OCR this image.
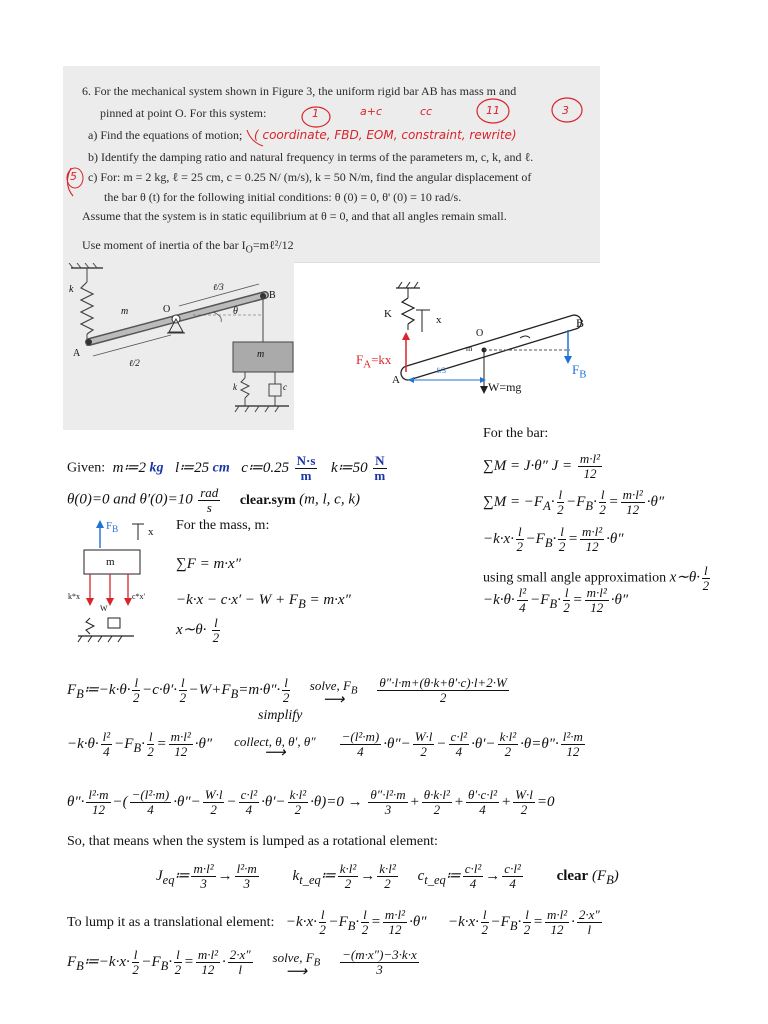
6. For the mechanical system shown in Figure 3, the uniform rigid bar AB has mass m and
pinned at point O. For this system:
a) Find the equations of motion;
b) Identify the damping ratio and natural frequency in terms of the parameters m, c, k, and ℓ.
c) For: m = 2 kg, ℓ = 25 cm, c = 0.25 N/ (m/s), k = 50 N/m, find the angular displacement of
the bar θ (t) for the following initial conditions: θ (0) = 0, θ' (0) = 10 rad/s.
Assume that the system is in static equilibrium at θ = 0, and that all angles remain small.
Use moment of inertia of the bar $I_O=m\ell^2/12$
1	a+c	cc	11	3
( coordinate, FBD, EOM, constraint, rewrite)
5
k
m	O
B
A
ℓ/3
ℓ/2
θ
m
k	c
K	x
O
B
A
m
ℓ/3
$F_A=kx$
$F_B$
W=mg
Given: m≔2 kg l≔25 cm c≔0.25 $\frac{N\cdot s}{m}$ k≔50 $\frac{N}{m}$
θ(0)=0 and $\theta'(0)=10 \frac{\text{rad}}{s}$ clear.sym (m, l, c, k)
$F_B$	x
m
k*x
W
c*x'
For the mass, m:
∑F = m·x″
$-k\cdot x - c\cdot x' - W + F_B = m\cdot x''$
x∼θ· $\frac{l}{2}$
For the bar:
∑M = J·θ″ $J = \frac{\text{m·l²}}{12}$
$\sum M = -F_A\cdot \frac{l}{2} -F_B\cdot \frac{l}{2} = \frac{\text{m·l²}}{12} \cdot\theta''$
$-k\cdot x\cdot \frac{l}{2} -F_B\cdot \frac{l}{2} = \frac{\text{m·l²}}{12} \cdot\theta''$
using small angle approximation x∼θ· $\frac{l}{2}$
$-k\cdot\theta\cdot \frac{\text{l²}}{4} -F_B\cdot \frac{l}{2} = \frac{\text{m·l²}}{12} \cdot\theta''$
$F_B≔-k\cdot\theta\cdot \frac{l}{2} -c\cdot\theta'\cdot \frac{l}{2} -W+F_B=m\cdot\theta''\cdot \frac{l}{2}$
	solve, $F_B$
⟶
	$\frac{\theta''\cdot l\cdot m+(\theta\cdot k+\theta'\cdot c)\cdot l+2\cdot W}{2}$
simplify
$-k\cdot\theta\cdot \frac{\text{l²}}{4} -F_B\cdot \frac{l}{2} = \frac{\text{m·l²}}{12} \cdot\theta''$	collect, θ, θ′, θ″
⟶
	$\frac{\text{−(l²·m)}}{4} \cdot\theta''- \frac{W\cdot l}{2} - \frac{\text{c·l²}}{4} \cdot\theta'- \frac{\text{k·l²}}{2} \cdot\theta=\theta''\cdot \frac{\text{l²·m}}{12}$
$\theta''\cdot \frac{\text{l²·m}}{12}$ −( $\frac{\text{−(l²·m)}}{4} \cdot\theta''- \frac{W\cdot l}{2} - \frac{\text{c·l²}}{4} \cdot\theta'- \frac{\text{k·l²}}{2} \cdot\theta)=0 \to \frac{\text{θ″·l²·m}}{3} + \frac{\text{θ·k·l²}}{2} + \frac{\text{θ′·c·l²}}{4} + \frac{W\cdot l}{2} =0$
So, that means when the system is lumped as a rotational element:
$J_{eq}≔ \frac{\text{m·l²}}{3} \to \frac{\text{l²·m}}{3}$ $k_{t\_eq}≔ \frac{\text{k·l²}}{2} \to \frac{\text{k·l²}}{2}$ $c_{t\_eq}≔ \frac{\text{c·l²}}{4} \to \frac{\text{c·l²}}{4}$ clear $(F_B)$
To lump it as a translational element: $-k\cdot x\cdot \frac{l}{2} -F_B\cdot \frac{l}{2} = \frac{\text{m·l²}}{12} \cdot\theta'' -k\cdot x\cdot \frac{l}{2} -F_B\cdot \frac{l}{2} = \frac{\text{m·l²}}{12} \cdot \frac{2\cdot x''}{l}$
$F_B≔-k\cdot x\cdot \frac{l}{2} -F_B\cdot \frac{l}{2} = \frac{\text{m·l²}}{12} \cdot \frac{2\cdot x''}{l}$
	solve, $F_B$
⟶
	$\frac{-(m\cdot x'')-3\cdot k\cdot x}{3}$
